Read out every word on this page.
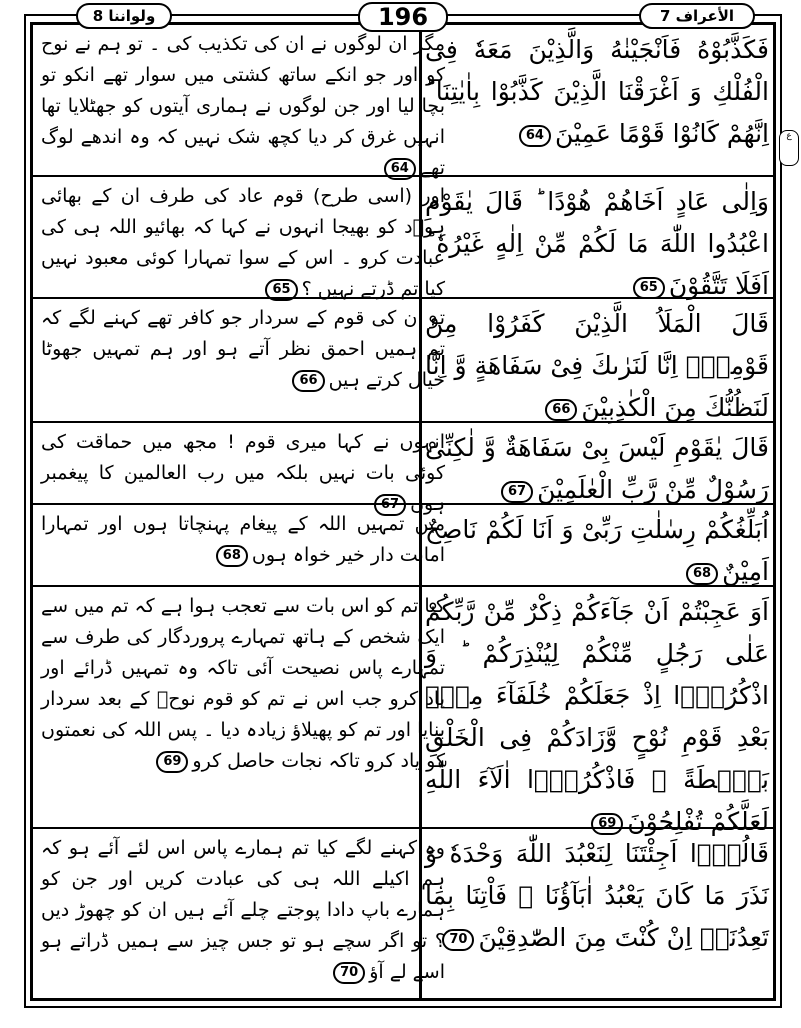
ولواننا 8	196	الأعراف 7
ع
مگر ان لوگوں نے ان کی تکذیب کی ۔ تو ہم نے نوح کو اور جو انکے ساتھ کشتی میں سوار تھے انکو تو بچا لیا اور جن لوگوں نے ہماری آیتوں کو جھٹلایا تھا انہیں غرق کر دیا کچھ شک نہیں کہ وہ اندھے لوگ تھے64
فَكَذَّبُوْهُ فَاَنْجَيْنٰهُ وَالَّذِيْنَ مَعَهٗ فِى الْفُلْكِ وَ اَغْرَقْنَا الَّذِيْنَ كَذَّبُوْا بِاٰيٰتِنَا ؕ اِنَّهُمْ كَانُوْا قَوْمًا عَمِيْنَ64
اور (اسی طرح) قوم عاد کی طرف ان کے بھائی ہوؐد کو بھیجا انہوں نے کہا کہ بھائیو اللہ ہی کی عبادت کرو ۔ اس کے سوا تمہارا کوئی معبود نہیں کیا تم ڈرتے نہیں ؟65
وَاِلٰى عَادٍ اَخَاهُمْ هُوْدًا ؕ قَالَ يٰقَوْمِ اعْبُدُوا اللّٰهَ مَا لَكُمْ مِّنْ اِلٰهٍ غَيْرُهٗ ؕ اَفَلَا تَتَّقُوْنَ65
تو ان کی قوم کے سردار جو کافر تھے کہنے لگے کہ تم ہمیں احمق نظر آتے ہو اور ہم تمہیں جھوٹا خیال کرتے ہیں66
قَالَ الْمَلَاُ الَّذِيْنَ كَفَرُوْا مِنْ قَوْمِهٖۤ اِنَّا لَنَرٰىكَ فِىْ سَفَاهَةٍ وَّ اِنَّا لَنَظُنُّكَ مِنَ الْكٰذِبِيْنَ66
انہوں نے کہا میری قوم ! مجھ میں حماقت کی کوئی بات نہیں بلکہ میں رب العالمین کا پیغمبر ہوں67
قَالَ يٰقَوْمِ لَيْسَ بِىْ سَفَاهَةٌ وَّ لٰكِنِّىْ رَسُوْلٌ مِّنْ رَّبِّ الْعٰلَمِيْنَ67
میں تمہیں اللہ کے پیغام پہنچاتا ہوں اور تمہارا امانت دار خیر خواہ ہوں68
اُبَلِّغُكُمْ رِسٰلٰتِ رَبِّىْ وَ اَنَا لَكُمْ نَاصِحٌ اَمِيْنٌ68
کیا تم کو اس بات سے تعجب ہوا ہے کہ تم میں سے ایک شخص کے ہاتھ تمہارے پروردگار کی طرف سے تمہارے پاس نصیحت آئی تاکہ وہ تمہیں ڈرائے اور یاد کرو جب اس نے تم کو قوم نوحؑ کے بعد سردار بنایا اور تم کو پھیلاؤ زیادہ دیا ۔ پس اللہ کی نعمتوں کو یاد کرو تاکہ نجات حاصل کرو69
اَوَ عَجِبْتُمْ اَنْ جَآءَكُمْ ذِكْرٌ مِّنْ رَّبِّكُمْ عَلٰى رَجُلٍ مِّنْكُمْ لِيُنْذِرَكُمْ ؕ وَ اذْكُرُوْۤا اِذْ جَعَلَكُمْ خُلَفَآءَ مِنْۢ بَعْدِ قَوْمِ نُوْحٍ وَّزَادَكُمْ فِى الْخَلْقِ بَصْۜطَةً ۚ فَاذْكُرُوْۤا اٰلَآءَ اللّٰهِ لَعَلَّكُمْ تُفْلِحُوْنَ69
وہ کہنے لگے کیا تم ہمارے پاس اس لئے آئے ہو کہ ہم اکیلے اللہ ہی کی عبادت کریں اور جن کو ہمارے باپ دادا پوجتے چلے آئے ہیں ان کو چھوڑ دیں ؟ تو اگر سچے ہو تو جس چیز سے ہمیں ڈراتے ہو اسے لے آؤ70
قَالُوْۤا اَجِئْتَنَا لِنَعْبُدَ اللّٰهَ وَحْدَهٗ وَ نَذَرَ مَا كَانَ يَعْبُدُ اٰبَآؤُنَا ۚ فَاْتِنَا بِمَا تَعِدُنَاۤ اِنْ كُنْتَ مِنَ الصّٰدِقِيْنَ70
